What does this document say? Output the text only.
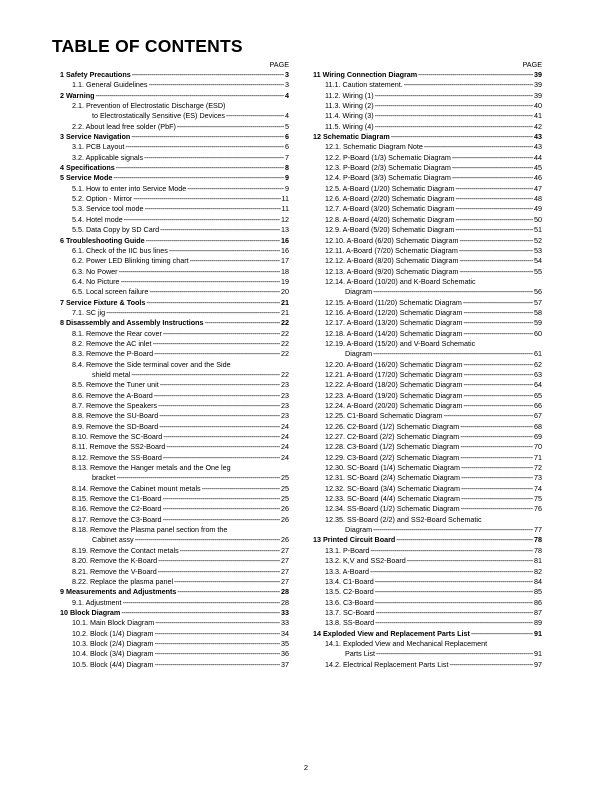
TABLE OF CONTENTS
PAGE
1 Safety Precautions -----	3
1.1. General Guidelines -----	3
2 Warning -----	4
2.1. Prevention of Electrostatic Discharge (ESD)
to Electrostatically Sensitive (ES) Devices -----	4
2.2. About lead free solder (PbF) -----	5
3 Service Navigation -----	6
3.1. PCB Layout -----	6
3.2. Applicable signals -----	7
4 Specifications -----	8
5 Service Mode -----	9
5.1. How to enter into Service Mode -----	9
5.2. Option - Mirror -----	11
5.3. Service tool mode -----	11
5.4. Hotel mode -----	12
5.5. Data Copy by SD Card -----	13
6 Troubleshooting Guide -----	16
6.1. Check of the IIC bus lines -----	16
6.2. Power LED Blinking timing chart -----	17
6.3. No Power -----	18
6.4. No Picture -----	19
6.5. Local screen failure -----	20
7 Service Fixture & Tools -----	21
7.1. SC jig -----	21
8 Disassembly and Assembly Instructions -----	22
8.1. Remove the Rear cover -----	22
8.2. Remove the AC inlet -----	22
8.3. Remove the P-Board -----	22
8.4. Remove the Side terminal cover and the Side
shield metal -----	22
8.5. Remove the Tuner unit -----	23
8.6. Remove the A-Board -----	23
8.7. Remove the Speakers -----	23
8.8. Remove the SU-Board -----	23
8.9. Remove the SD-Board -----	24
8.10. Remove the SC-Board -----	24
8.11. Remove the SS2-Board -----	24
8.12. Remove the SS-Board -----	24
8.13. Remove the Hanger metals and the One leg
bracket -----	25
8.14. Remove the Cabinet mount metals -----	25
8.15. Remove the C1-Board -----	25
8.16. Remove the C2-Board -----	26
8.17. Remove the C3-Board -----	26
8.18. Remove the Plasma panel section from the
Cabinet assy -----	26
8.19. Remove the Contact metals -----	27
8.20. Remove the K-Board -----	27
8.21. Remove the V-Board -----	27
8.22. Replace the plasma panel -----	27
9 Measurements and Adjustments -----	28
9.1. Adjustment -----	28
10 Block Diagram -----	33
10.1. Main Block Diagram -----	33
10.2. Block (1/4) Diagram -----	34
10.3. Block (2/4) Diagram -----	35
10.4. Block (3/4) Diagram -----	36
10.5. Block (4/4) Diagram -----	37
PAGE
11 Wiring Connection Diagram -----	39
11.1. Caution statement. -----	39
11.2. Wiring (1) -----	39
11.3. Wiring (2) -----	40
11.4. Wiring (3) -----	41
11.5. Wiring (4) -----	42
12 Schematic Diagram -----	43
12.1. Schematic Diagram Note -----	43
12.2. P-Board (1/3) Schematic Diagram -----	44
12.3. P-Board (2/3) Schematic Diagram -----	45
12.4. P-Board (3/3) Schematic Diagram -----	46
12.5. A-Board (1/20) Schematic Diagram -----	47
12.6. A-Board (2/20) Schematic Diagram -----	48
12.7. A-Board (3/20) Schematic Diagram -----	49
12.8. A-Board (4/20) Schematic Diagram -----	50
12.9. A-Board (5/20) Schematic Diagram -----	51
12.10. A-Board (6/20) Schematic Diagram -----	52
12.11. A-Board (7/20) Schematic Diagram -----	53
12.12. A-Board (8/20) Schematic Diagram -----	54
12.13. A-Board (9/20) Schematic Diagram -----	55
12.14. A-Board (10/20) and K-Board Schematic
Diagram -----	56
12.15. A-Board (11/20) Schematic Diagram -----	57
12.16. A-Board (12/20) Schematic Diagram -----	58
12.17. A-Board (13/20) Schematic Diagram -----	59
12.18. A-Board (14/20) Schematic Diagram -----	60
12.19. A-Board (15/20) and V-Board Schematic
Diagram -----	61
12.20. A-Board (16/20) Schematic Diagram -----	62
12.21. A-Board (17/20) Schematic Diagram -----	63
12.22. A-Board (18/20) Schematic Diagram -----	64
12.23. A-Board (19/20) Schematic Diagram -----	65
12.24. A-Board (20/20) Schematic Diagram -----	66
12.25. C1-Board Schematic Diagram -----	67
12.26. C2-Board (1/2) Schematic Diagram -----	68
12.27. C2-Board (2/2) Schematic Diagram -----	69
12.28. C3-Board (1/2) Schematic Diagram -----	70
12.29. C3-Board (2/2) Schematic Diagram -----	71
12.30. SC-Board (1/4) Schematic Diagram -----	72
12.31. SC-Board (2/4) Schematic Diagram -----	73
12.32. SC-Board (3/4) Schematic Diagram -----	74
12.33. SC-Board (4/4) Schematic Diagram -----	75
12.34. SS-Board (1/2) Schematic Diagram -----	76
12.35. SS-Board (2/2) and SS2-Board Schematic
Diagram -----	77
13 Printed Circuit Board -----	78
13.1. P-Board -----	78
13.2. K,V and SS2-Board -----	81
13.3. A-Board -----	82
13.4. C1-Board -----	84
13.5. C2-Board -----	85
13.6. C3-Board -----	86
13.7. SC-Board -----	87
13.8. SS-Board -----	89
14 Exploded View and Replacement Parts List -----	91
14.1. Exploded View and Mechanical Replacement
Parts List -----	91
14.2. Electrical Replacement Parts List -----	97
2
